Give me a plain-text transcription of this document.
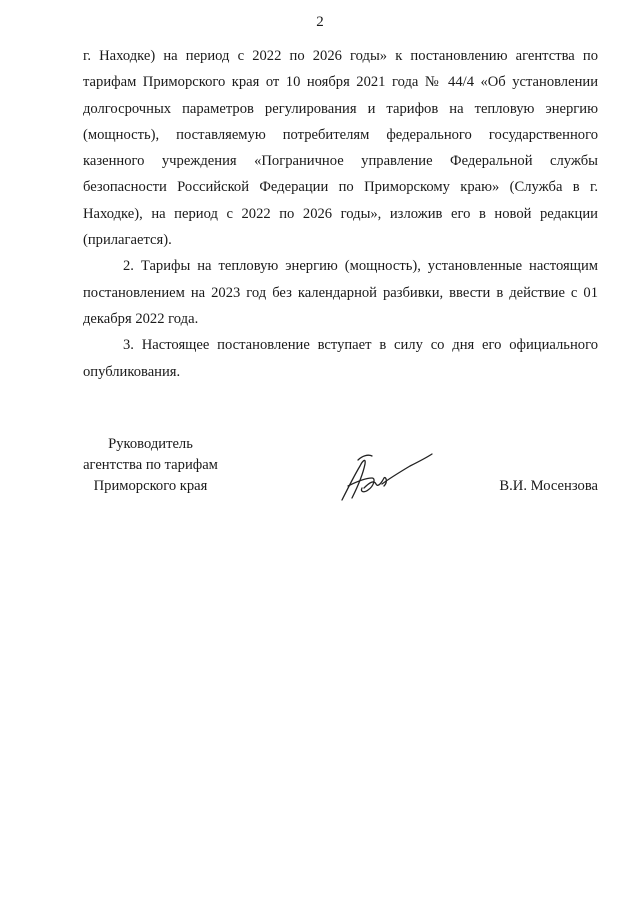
2

г. Находке) на период с 2022 по 2026 годы» к постановлению агентства по тарифам Приморского края от 10 ноября 2021 года № 44/4 «Об установлении долгосрочных параметров регулирования и тарифов на тепловую энергию (мощность), поставляемую потребителям федерального государственного казенного учреждения «Пограничное управление Федеральной службы безопасности Российской Федерации по Приморскому краю» (Служба в г. Находке), на период с 2022 по 2026 годы», изложив его в новой редакции (прилагается).

2. Тарифы на тепловую энергию (мощность), установленные настоящим постановлением на 2023 год без календарной разбивки, ввести в действие с 01 декабря 2022 года.

3. Настоящее постановление вступает в силу со дня его официального опубликования.

Руководитель
агентства по тарифам
Приморского края	В.И. Мосензова
